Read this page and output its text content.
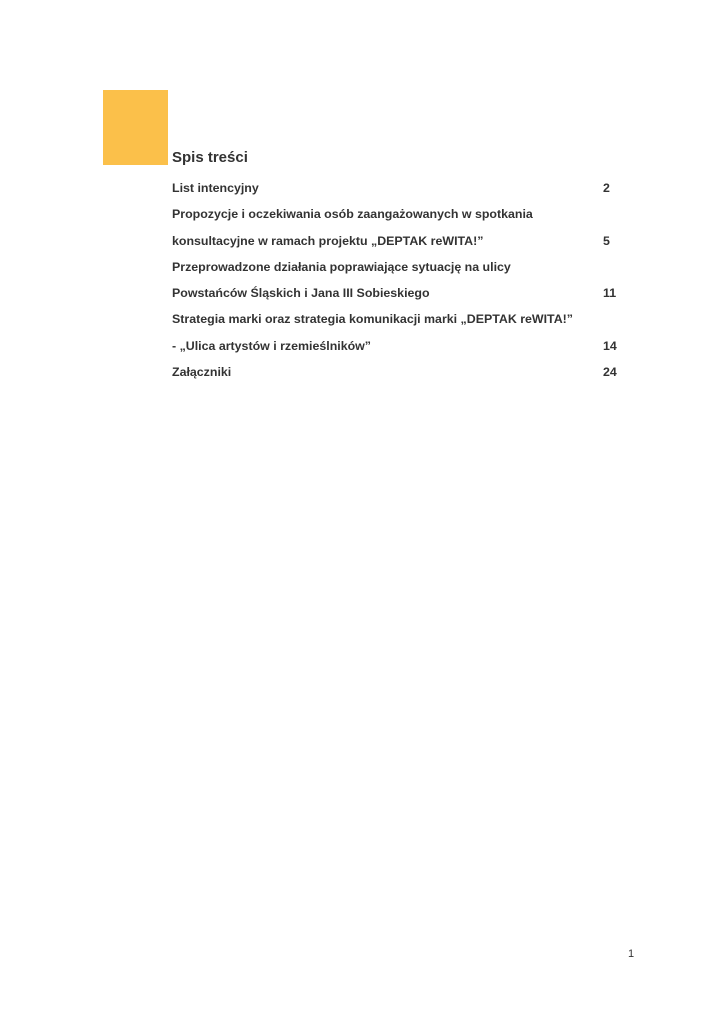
Spis treści
List intencyjny	2
Propozycje i oczekiwania osób zaangażowanych w spotkania
konsultacyjne w ramach projektu „DEPTAK reWITA!”	5
Przeprowadzone działania poprawiające sytuację na ulicy
Powstańców Śląskich i Jana III Sobieskiego	11
Strategia marki oraz strategia komunikacji marki „DEPTAK reWITA!”
- „Ulica artystów i rzemieślników”	14
Załączniki	24
1
